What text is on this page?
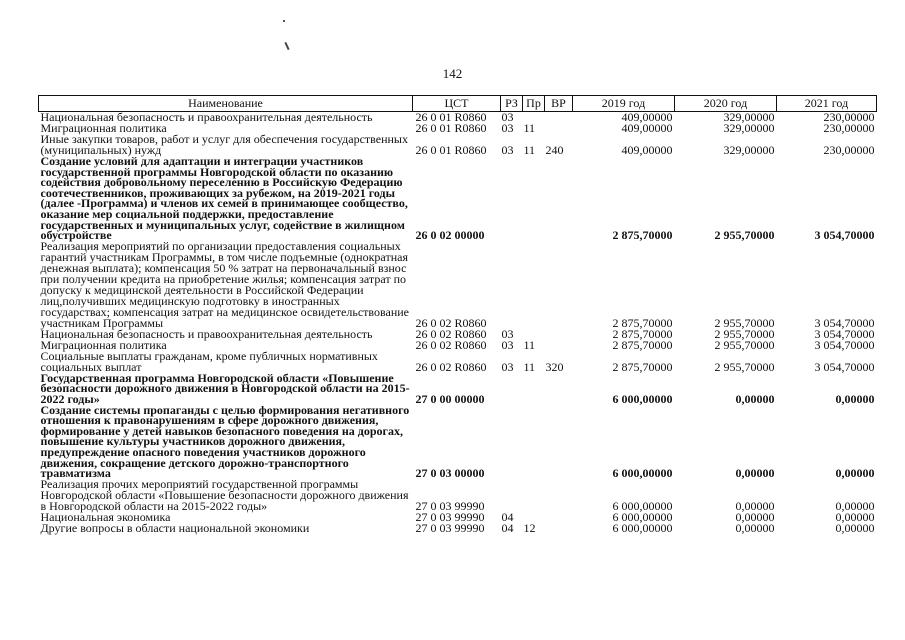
142
Наименование	ЦСТ	РЗ	Пр	ВР	2019 год	2020 год	2021 год
Национальная безопасность и правоохранительная деятельность	26 0 01 R0860	03			409,00000	329,00000	230,00000
Миграционная политика	26 0 01 R0860	03	11		409,00000	329,00000	230,00000
Иные закупки товаров, работ и услуг для обеспечения государственных (муниципальных) нужд	26 0 01 R0860	03	11	240	409,00000	329,00000	230,00000
Создание условий для адаптации и интеграции участников государственной программы Новгородской области по оказанию содействия добровольному переселению в Российскую Федерацию соотечественников, проживающих за рубежом, на 2019-2021 годы (далее -Программа) и членов их семей в принимающее сообщество, оказание мер социальной поддержки, предоставление государственных и муниципальных услуг, содействие в жилищном обустройстве	26 0 02 00000				2 875,70000	2 955,70000	3 054,70000
Реализация мероприятий по организации предоставления социальных гарантий участникам Программы, в том числе подъемные (однократная денежная выплата); компенсация 50 % затрат на первоначальный взнос при получении кредита на приобретение жилья; компенсация затрат по допуску к медицинской деятельности в Российской Федерации лиц,получивших медицинскую подготовку в иностранных государствах; компенсация затрат на медицинское освидетельствование участникам Программы	26 0 02 R0860				2 875,70000	2 955,70000	3 054,70000
Национальная безопасность и правоохранительная деятельность	26 0 02 R0860	03			2 875,70000	2 955,70000	3 054,70000
Миграционная политика	26 0 02 R0860	03	11		2 875,70000	2 955,70000	3 054,70000
Социальные выплаты гражданам, кроме публичных нормативных социальных выплат	26 0 02 R0860	03	11	320	2 875,70000	2 955,70000	3 054,70000
Государственная программа Новгородской области «Повышение безопасности дорожного движения в Новгородской области на 2015-2022 годы»	27 0 00 00000				6 000,00000	0,00000	0,00000
Создание системы пропаганды с целью формирования негативного отношения к правонарушениям в сфере дорожного движения, формирование у детей навыков безопасного поведения на дорогах, повышение культуры участников дорожного движения, предупреждение опасного поведения участников дорожного движения, сокращение детского дорожно-транспортного травматизма	27 0 03 00000				6 000,00000	0,00000	0,00000
Реализация прочих мероприятий государственной программы Новгородской области «Повышение безопасности дорожного движения в Новгородской области на 2015-2022 годы»	27 0 03 99990				6 000,00000	0,00000	0,00000
Национальная экономика	27 0 03 99990	04			6 000,00000	0,00000	0,00000
Другие вопросы в области национальной экономики	27 0 03 99990	04	12		6 000,00000	0,00000	0,00000
